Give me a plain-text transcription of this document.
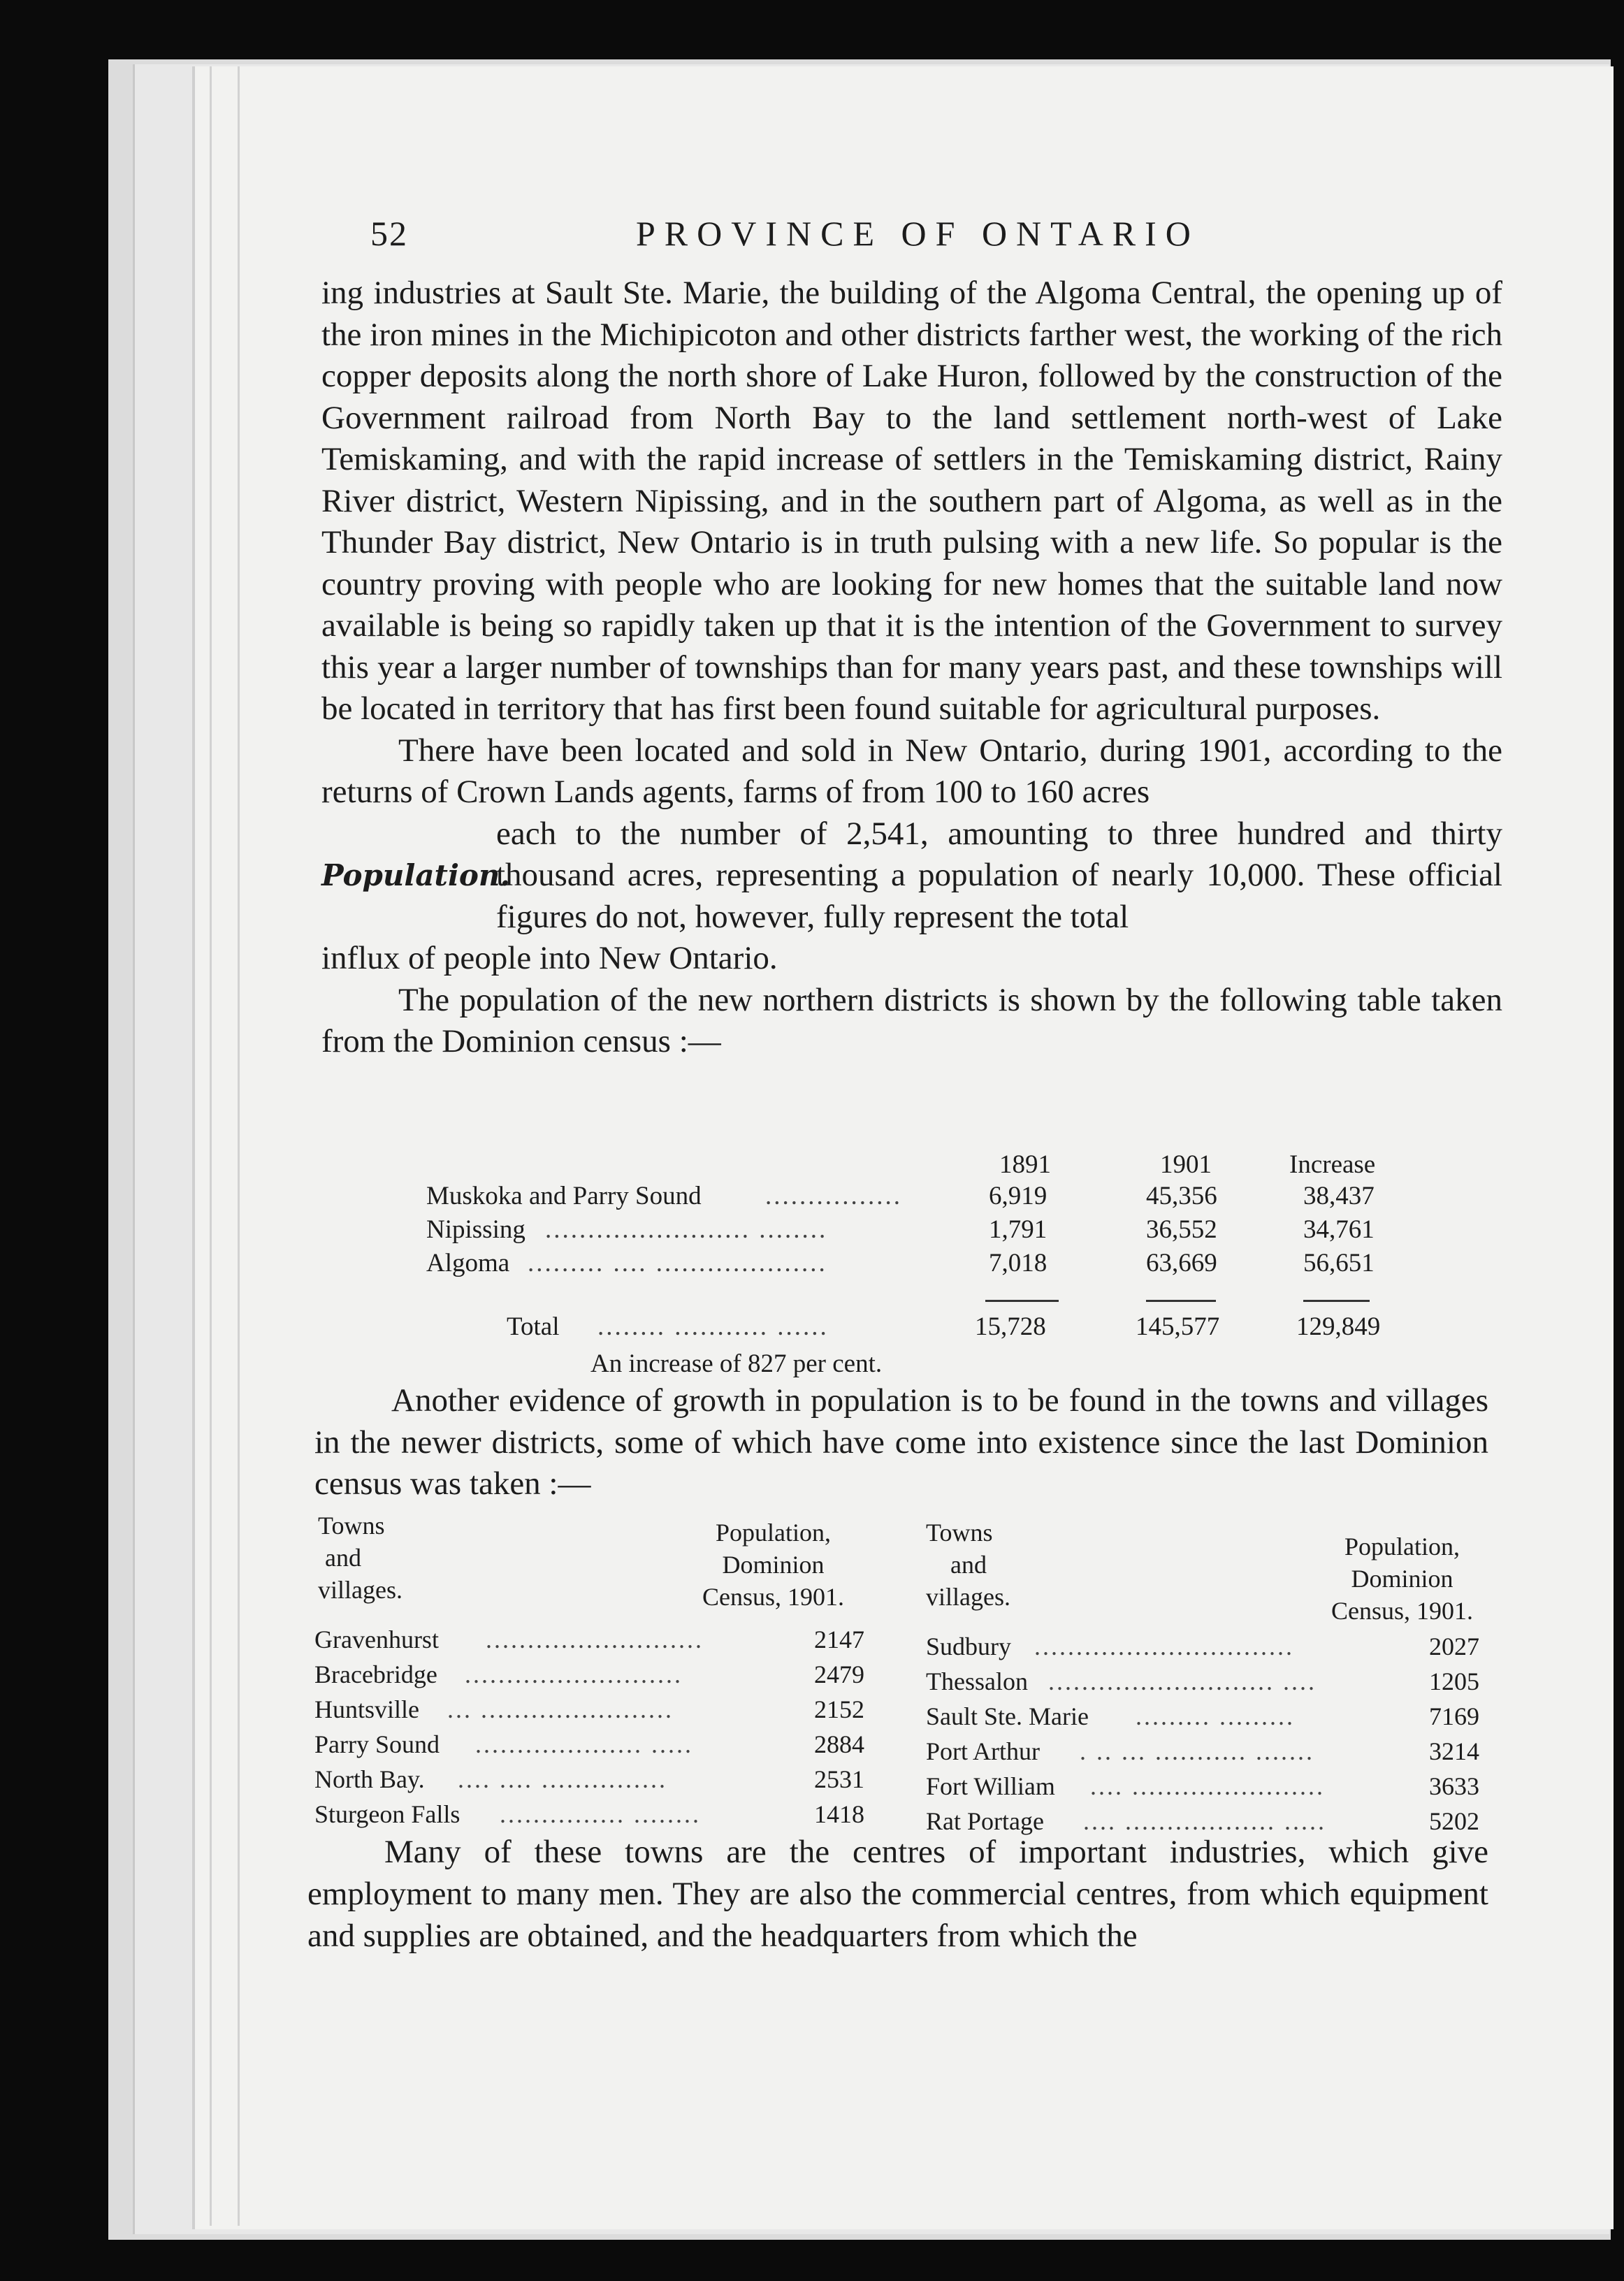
52	PROVINCE OF ONTARIO

ing industries at Sault Ste. Marie, the building of the Algoma Central, the opening up of the iron mines in the Michipicoton and other districts farther west, the working of the rich copper deposits along the north shore of Lake Huron, followed by the construction of the Government railroad from North Bay to the land settlement north-west of Lake Temiskaming, and with the rapid increase of settlers in the Temiskaming district, Rainy River district, Western Nipissing, and in the southern part of Algoma, as well as in the Thunder Bay district, New Ontario is in truth pulsing with a new life. So popular is the country proving with people who are looking for new homes that the suitable land now available is being so rapidly taken up that it is the intention of the Government to survey this year a larger number of townships than for many years past, and these townships will be located in territory that has first been found suitable for agricultural purposes.

There have been located and sold in New Ontario, during 1901, according to the returns of Crown Lands agents, farms of from 100 to 160 acres

Population.

each to the number of 2,541, amounting to three hundred and thirty thousand acres, representing a population of nearly 10,000. These official figures do not, however, fully represent the total

influx of people into New Ontario.

The population of the new northern districts is shown by the following table taken from the Dominion census :—

1891	1901	Increase
Muskoka and Parry Sound ................	6,919	45,356	38,437
Nipissing ........................ ........	1,791	36,552	34,761
Algoma ......... .... ....................	7,018	63,669	56,651
Total ........ ........... ......	15,728	145,577	129,849
An increase of 827 per cent.

Another evidence of growth in population is to be found in the towns and villages in the newer districts, some of which have come into existence since the last Dominion census was taken :—

Towns
and
villages.
Population,
Dominion
Census, 1901.
Towns
and
villages.
Population,
Dominion
Census, 1901.
Gravenhurst ..........................	2147
Bracebridge ..........................	2479
Huntsville ... .......................	2152
Parry Sound .................... .....	2884
North Bay. .... .... ...............	2531
Sturgeon Falls ............... ........	1418
Sudbury ...............................	2027
Thessalon ........................... ....	1205
Sault Ste. Marie ......... .........	7169
Port Arthur . .. ... ........... .......	3214
Fort William .... .......................	3633
Rat Portage .... .................. .....	5202

Many of these towns are the centres of important industries, which give employment to many men. They are also the commercial centres, from which equipment and supplies are obtained, and the headquarters from which the
